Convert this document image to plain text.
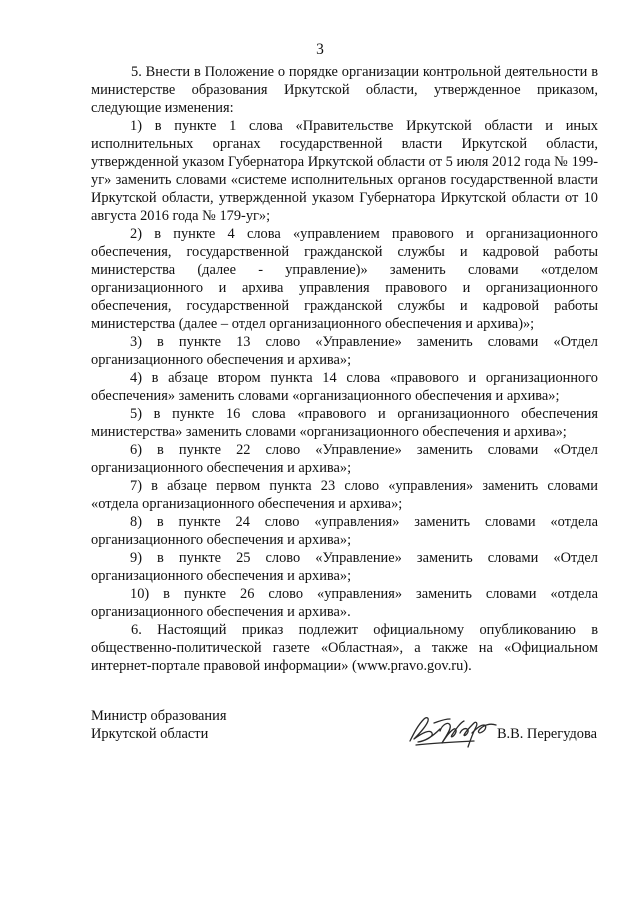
3

5. Внести в Положение о порядке организации контрольной деятельности в министерстве образования Иркутской области, утвержденное приказом, следующие изменения:

1) в пункте 1 слова «Правительстве Иркутской области и иных исполнительных органах государственной власти Иркутской области, утвержденной указом Губернатора Иркутской области от 5 июля 2012 года № 199-уг» заменить словами «системе исполнительных органов государственной власти Иркутской области, утвержденной указом Губернатора Иркутской области от 10 августа 2016 года № 179-уг»;

2) в пункте 4 слова «управлением правового и организационного обеспечения, государственной гражданской службы и кадровой работы министерства (далее - управление)» заменить словами «отделом организационного и архива управления правового и организационного обеспечения, государственной гражданской службы и кадровой работы министерства (далее – отдел организационного обеспечения и архива)»;

3) в пункте 13 слово «Управление» заменить словами «Отдел организационного обеспечения и архива»;

4) в абзаце втором пункта 14 слова «правового и организационного обеспечения» заменить словами «организационного обеспечения и архива»;

5) в пункте 16 слова «правового и организационного обеспечения министерства» заменить словами «организационного обеспечения и архива»;

6) в пункте 22 слово «Управление» заменить словами «Отдел организационного обеспечения и архива»;

7) в абзаце первом пункта 23 слово «управления» заменить словами «отдела организационного обеспечения и архива»;

8) в пункте 24 слово «управления» заменить словами «отдела организационного обеспечения и архива»;

9) в пункте 25 слово «Управление» заменить словами «Отдел организационного обеспечения и архива»;

10) в пункте 26 слово «управления» заменить словами «отдела организационного обеспечения и архива».

6. Настоящий приказ подлежит официальному опубликованию в общественно-политической газете «Областная», а также на «Официальном интернет-портале правовой информации» (www.pravo.gov.ru).

Министр образования
Иркутской области	В.В. Перегудова
